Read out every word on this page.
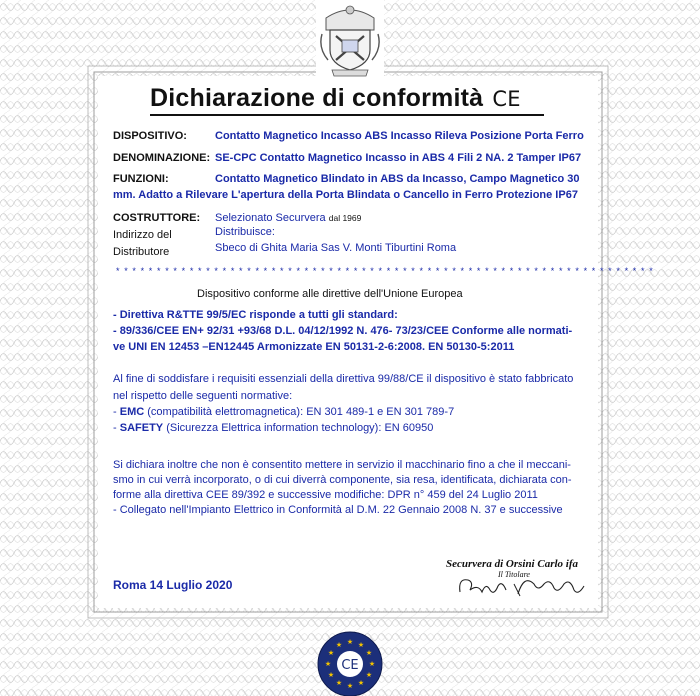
Dichiarazione di conformità CE
DISPOSITIVO:	Contatto Magnetico Incasso ABS Incasso Rileva Posizione Porta Ferro
DENOMINAZIONE: SE-CPC Contatto Magnetico Incasso in ABS 4 Fili 2 NA. 2 Tamper IP67
FUNZIONI:	Contatto Magnetico Blindato in ABS da Incasso, Campo Magnetico 30
mm. Adatto a Rilevare L'apertura della Porta Blindata o Cancello in Ferro Protezione IP67
COSTRUTTORE: Selezionato Securvera dal 1969
Indirizzo del	Distribuisce:
Distributore	Sbeco di Ghita Maria Sas V. Monti Tiburtini Roma
* * * * * * * * * * * * * * * * * * * * * * * * * * * * * * * * * * * * * * * * * * * * * * * * * * * * * * * * * * * * * * * * * *
Dispositivo conforme alle direttive dell'Unione Europea
- Direttiva R&TTE 99/5/EC risponde a tutti gli standard:
- 89/336/CEE EN+ 92/31 +93/68 D.L. 04/12/1992 N. 476- 73/23/CEE Conforme alle normati-
ve UNI EN 12453 –EN12445 Armonizzate EN 50131-2-6:2008. EN 50130-5:2011
Al fine di soddisfare i requisiti essenziali della direttiva 99/88/CE il dispositivo è stato fabbricato
nel rispetto delle seguenti normative:
- EMC (compatibilità elettromagnetica): EN 301 489-1 e EN 301 789-7
- SAFETY (Sicurezza Elettrica information technology): EN 60950
Si dichiara inoltre che non è consentito mettere in servizio il macchinario fino a che il meccani-
smo in cui verrà incorporato, o di cui diverrà componente, sia resa, identificata, dichiarata con-
forme alla direttiva CEE 89/392 e successive modifiche: DPR n° 459 del 24 Luglio 2011
- Collegato nell'Impianto Elettrico in Conformità al D.M. 22 Gennaio 2008 N. 37 e successive
Securvera di Orsini Carlo ifa
Il Titolare
Roma 14 Luglio 2020
★ ★
★
★
★
★
★
★
★
★
★
★
CE
